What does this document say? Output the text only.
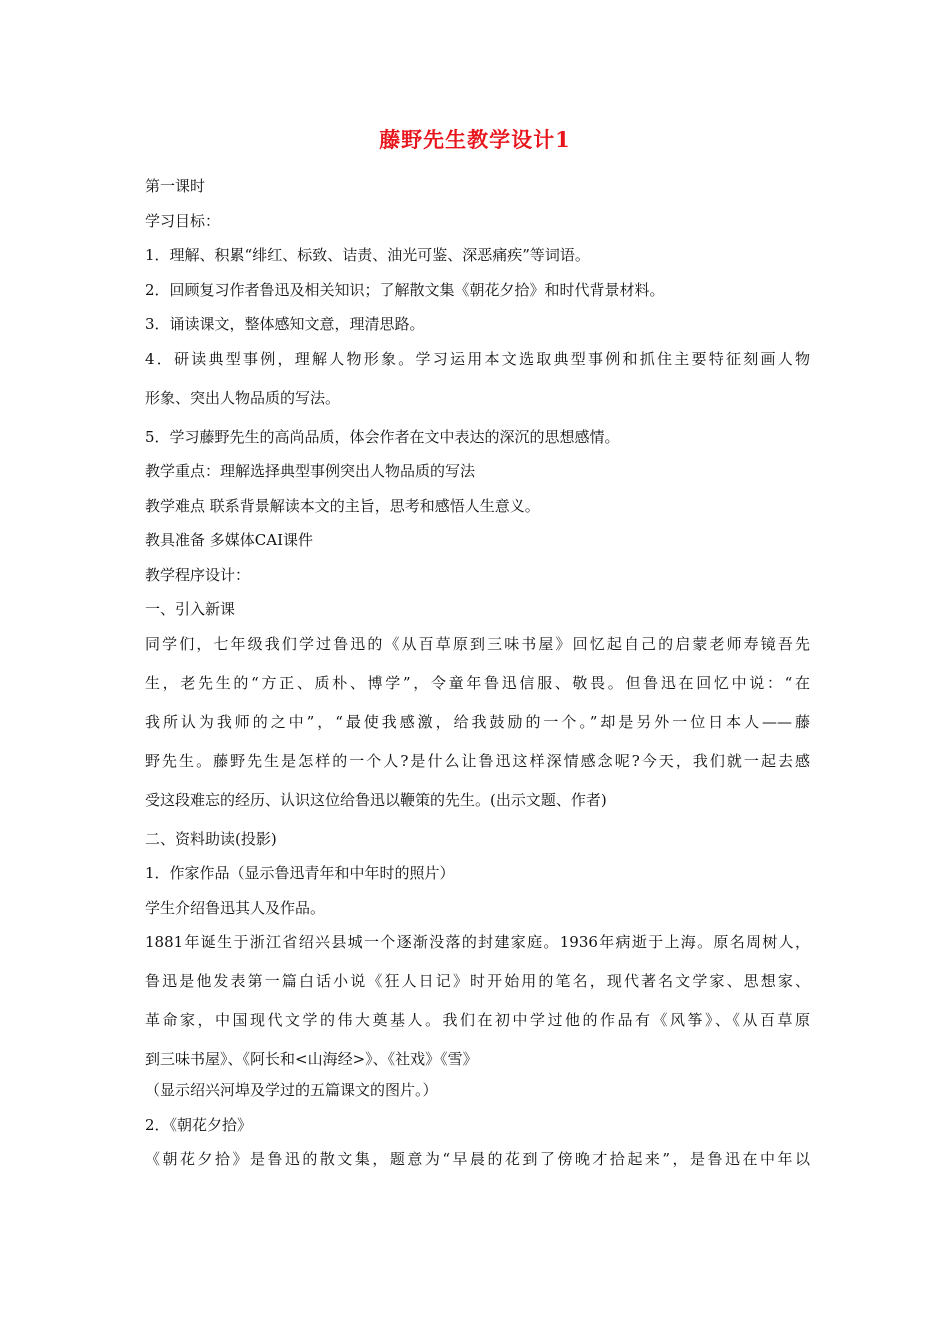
藤野先生教学设计1
第一课时
学习目标：
1．理解、积累“绯红、标致、诘责、油光可鉴、深恶痛疾”等词语。
2．回顾复习作者鲁迅及相关知识；了解散文集《朝花夕拾》和时代背景材料。
3．诵读课文，整体感知文意，理清思路。
4．研读典型事例，理解人物形象。学习运用本文选取典型事例和抓住主要特征刻画人物
形象、突出人物品质的写法。
5．学习藤野先生的高尚品质，体会作者在文中表达的深沉的思想感情。
教学重点：理解选择典型事例突出人物品质的写法
教学难点 联系背景解读本文的主旨，思考和感悟人生意义。
教具准备 多媒体CAI课件
教学程序设计：
一、引入新课
同学们，七年级我们学过鲁迅的《从百草原到三味书屋》回忆起自己的启蒙老师寿镜吾先
生，老先生的“方正、质朴、博学”，令童年鲁迅信服、敬畏。但鲁迅在回忆中说：“在
我所认为我师的之中”，“最使我感激，给我鼓励的一个。”却是另外一位日本人——藤
野先生。藤野先生是怎样的一个人?是什么让鲁迅这样深情感念呢?今天，我们就一起去感
受这段难忘的经历、认识这位给鲁迅以鞭策的先生。(出示文题、作者)
二、资料助读(投影)
1．作家作品（显示鲁迅青年和中年时的照片）
学生介绍鲁迅其人及作品。
1881年诞生于浙江省绍兴县城一个逐渐没落的封建家庭。1936年病逝于上海。原名周树人，
鲁迅是他发表第一篇白话小说《狂人日记》时开始用的笔名，现代著名文学家、思想家、
革命家，中国现代文学的伟大奠基人。我们在初中学过他的作品有《风筝》、《从百草原
到三味书屋》、《阿长和<山海经>》、《社戏》《雪》
（显示绍兴河埠及学过的五篇课文的图片。）
2．《朝花夕拾》
《朝花夕拾》是鲁迅的散文集，题意为“早晨的花到了傍晚才拾起来”，是鲁迅在中年以
